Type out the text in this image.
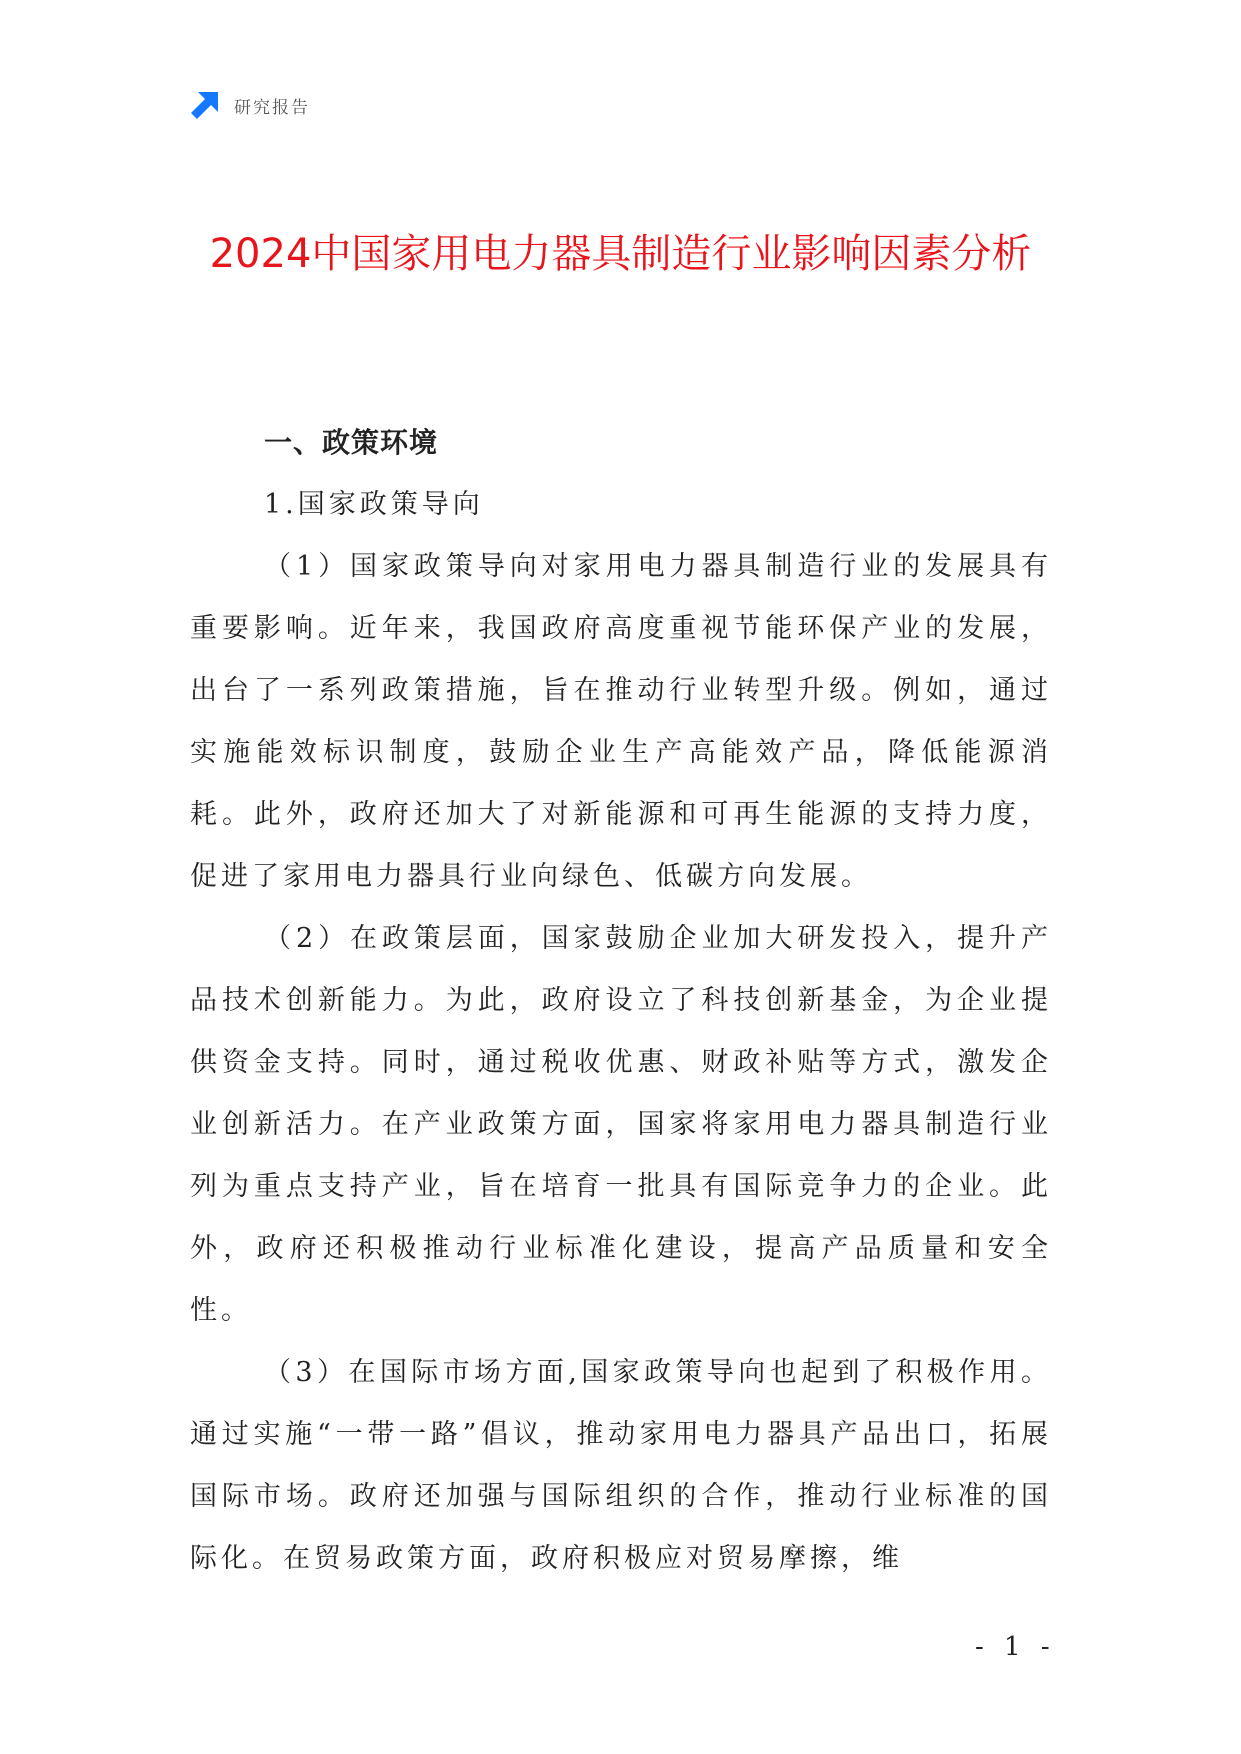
研究报告
2024中国家用电力器具制造行业影响因素分析

一、政策环境

1.国家政策导向

（1）国家政策导向对家用电力器具制造行业的发展具有重要影响。近年来，我国政府高度重视节能环保产业的发展，出台了一系列政策措施，旨在推动行业转型升级。例如，通过实施能效标识制度，鼓励企业生产高能效产品，降低能源消耗。此外，政府还加大了对新能源和可再生能源的支持力度，促进了家用电力器具行业向绿色、低碳方向发展。

（2）在政策层面，国家鼓励企业加大研发投入，提升产品技术创新能力。为此，政府设立了科技创新基金，为企业提供资金支持。同时，通过税收优惠、财政补贴等方式，激发企业创新活力。在产业政策方面，国家将家用电力器具制造行业列为重点支持产业，旨在培育一批具有国际竞争力的企业。此外，政府还积极推动行业标准化建设，提高产品质量和安全性。

（3）在国际市场方面,国家政策导向也起到了积极作用。通过实施“一带一路”倡议，推动家用电力器具产品出口，拓展国际市场。政府还加强与国际组织的合作，推动行业标准的国际化。在贸易政策方面，政府积极应对贸易摩擦，维

- 1 -
